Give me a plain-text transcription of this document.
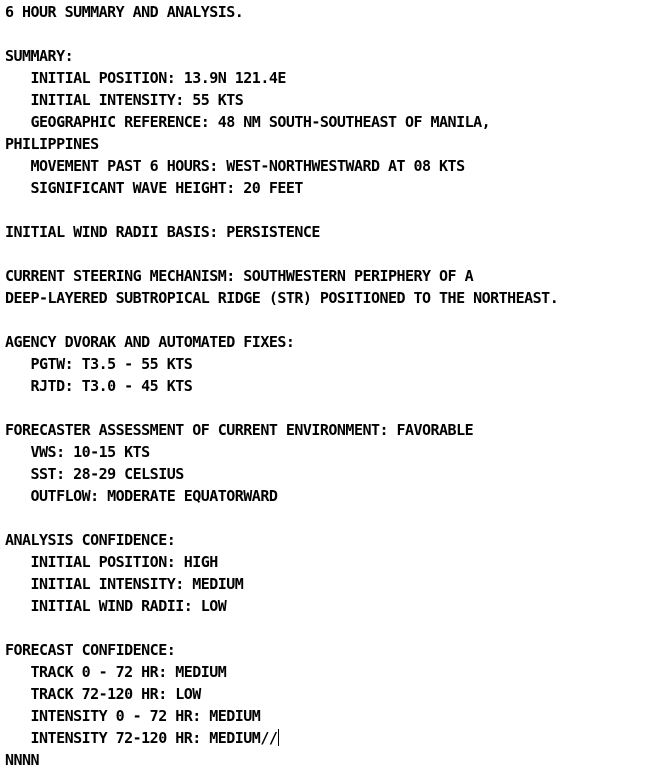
6 HOUR SUMMARY AND ANALYSIS.
SUMMARY:
INITIAL POSITION: 13.9N 121.4E
INITIAL INTENSITY: 55 KTS
GEOGRAPHIC REFERENCE: 48 NM SOUTH-SOUTHEAST OF MANILA,
PHILIPPINES
MOVEMENT PAST 6 HOURS: WEST-NORTHWESTWARD AT 08 KTS
SIGNIFICANT WAVE HEIGHT: 20 FEET
INITIAL WIND RADII BASIS: PERSISTENCE
CURRENT STEERING MECHANISM: SOUTHWESTERN PERIPHERY OF A
DEEP-LAYERED SUBTROPICAL RIDGE (STR) POSITIONED TO THE NORTHEAST.
AGENCY DVORAK AND AUTOMATED FIXES:
PGTW: T3.5 - 55 KTS
RJTD: T3.0 - 45 KTS
FORECASTER ASSESSMENT OF CURRENT ENVIRONMENT: FAVORABLE
VWS: 10-15 KTS
SST: 28-29 CELSIUS
OUTFLOW: MODERATE EQUATORWARD
ANALYSIS CONFIDENCE:
INITIAL POSITION: HIGH
INITIAL INTENSITY: MEDIUM
INITIAL WIND RADII: LOW
FORECAST CONFIDENCE:
TRACK 0 - 72 HR: MEDIUM
TRACK 72-120 HR: LOW
INTENSITY 0 - 72 HR: MEDIUM
INTENSITY 72-120 HR: MEDIUM//
NNNN
